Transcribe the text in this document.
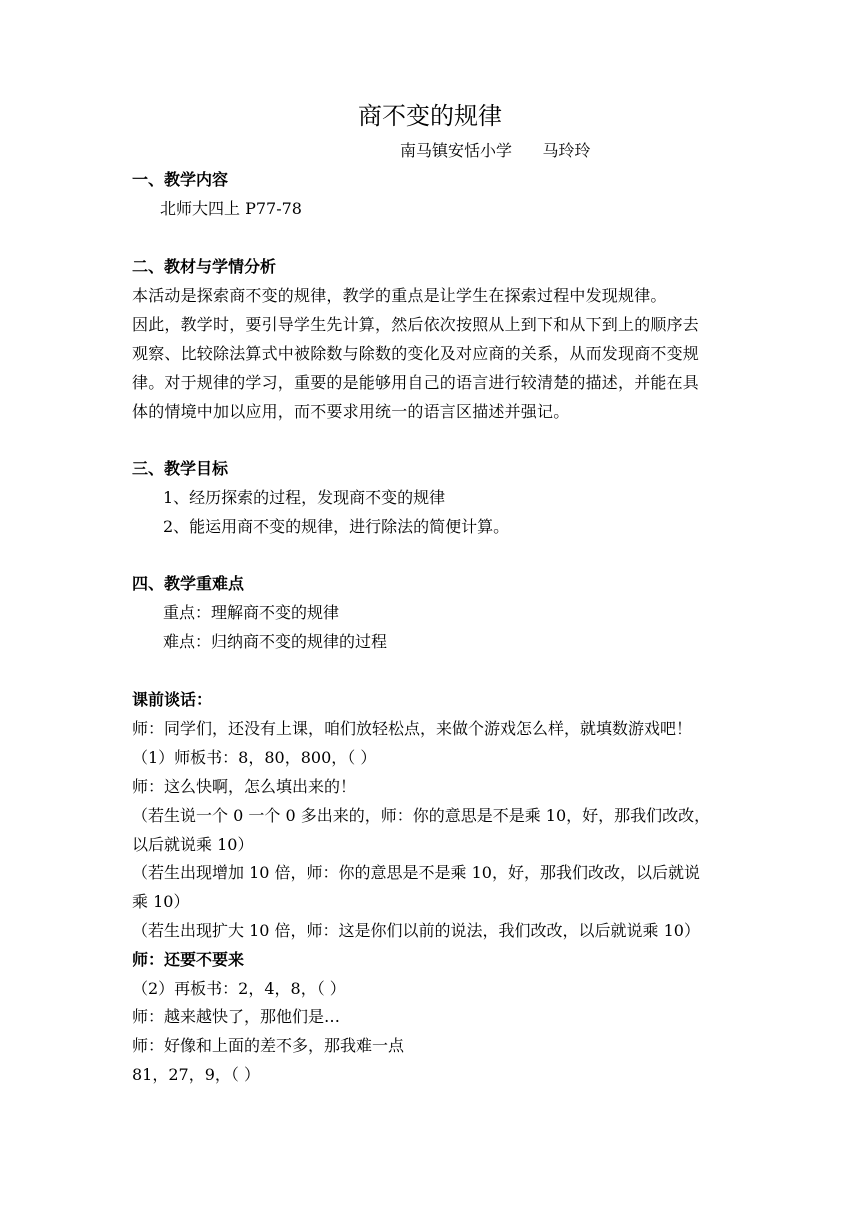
商不变的规律
南马镇安恬小学      马玲玲
一、教学内容
北师大四上 P77-78
二、教材与学情分析
本活动是探索商不变的规律，教学的重点是让学生在探索过程中发现规律。
因此，教学时，要引导学生先计算，然后依次按照从上到下和从下到上的顺序去
观察、比较除法算式中被除数与除数的变化及对应商的关系，从而发现商不变规
律。对于规律的学习，重要的是能够用自己的语言进行较清楚的描述，并能在具
体的情境中加以应用，而不要求用统一的语言区描述并强记。
三、教学目标
1、经历探索的过程，发现商不变的规律
2、能运用商不变的规律，进行除法的简便计算。
四、教学重难点
重点：理解商不变的规律
难点：归纳商不变的规律的过程
课前谈话：
师：同学们，还没有上课，咱们放轻松点，来做个游戏怎么样，就填数游戏吧！
（1）师板书：8，80，800，（ ）
师：这么快啊，怎么填出来的！
（若生说一个 0 一个 0 多出来的，师：你的意思是不是乘 10，好，那我们改改，
以后就说乘 10）
（若生出现增加 10 倍，师：你的意思是不是乘 10，好，那我们改改，以后就说
乘 10）
（若生出现扩大 10 倍，师：这是你们以前的说法，我们改改，以后就说乘 10）
师：还要不要来
（2）再板书：2，4，8，（ ）
师：越来越快了，那他们是…
师：好像和上面的差不多，那我难一点
81，27，9，（ ）
